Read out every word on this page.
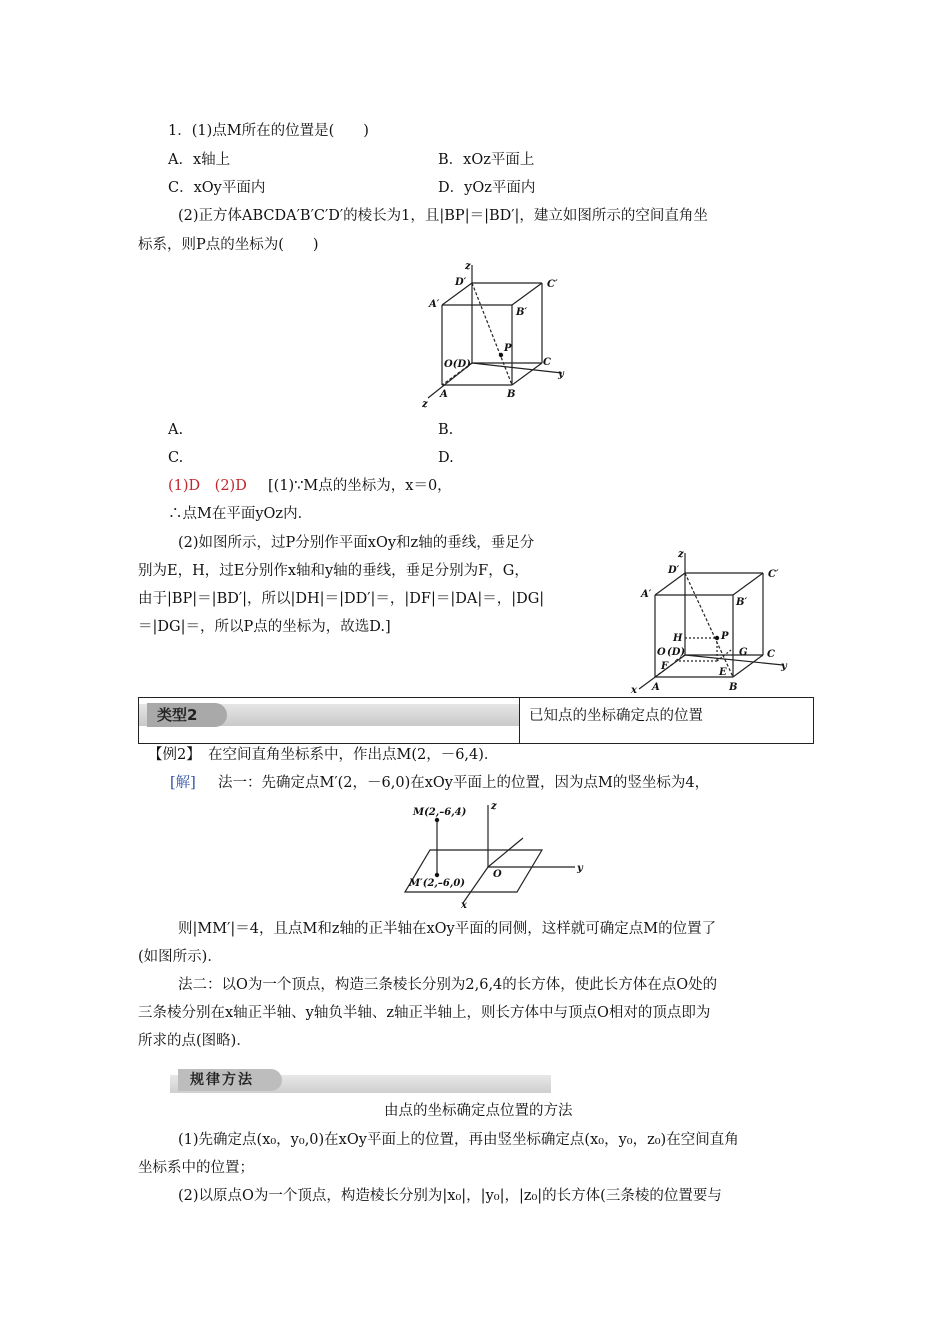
1．(1)点M所在的位置是(　　)
A．x轴上	B．xOz平面上
C．xOy平面内	D．yOz平面内
(2)正方体ABCDA′B′C′D′的棱长为1，且|BP|＝|BD′|，建立如图所示的空间直角坐
标系，则P点的坐标为(　　)
z
D′	C′
A′
B′
P
O(D)	C
y
A	B
z
A.	B.
C.	D.
(1)D　(2)D [(1)∵M点的坐标为，x＝0，
∴点M在平面yOz内．
(2)如图所示，过P分别作平面xOy和z轴的垂线，垂足分
别为E，H，过E分别作x轴和y轴的垂线，垂足分别为F，G，
由于|BP|＝|BD′|，所以|DH|＝|DD′|＝，|DF|＝|DA|＝，|DG|
＝|DG|＝，所以P点的坐标为，故选D.]
z
D′	C′
A′
B′
H	P
O (D)	G C
y
F
E
A	B
x
类型2	已知点的坐标确定点的位置
【例2】　在空间直角坐标系中，作出点M(2，－6,4)．
[解] 法一：先确定点M′(2，－6,0)在xOy平面上的位置，因为点M的竖坐标为4，
M(2,–6,4)
z
O
y
M′(2,–6,0)
x
则|MM′|＝4，且点M和z轴的正半轴在xOy平面的同侧，这样就可确定点M的位置了
(如图所示)．
法二：以O为一个顶点，构造三条棱长分别为2,6,4的长方体，使此长方体在点O处的
三条棱分别在x轴正半轴、y轴负半轴、z轴正半轴上，则长方体中与顶点O相对的顶点即为
所求的点(图略)．
规律方法
由点的坐标确定点位置的方法
(1)先确定点(x₀，y₀,0)在xOy平面上的位置，再由竖坐标确定点(x₀，y₀，z₀)在空间直角
坐标系中的位置；
(2)以原点O为一个顶点，构造棱长分别为|x₀|，|y₀|，|z₀|的长方体(三条棱的位置要与
